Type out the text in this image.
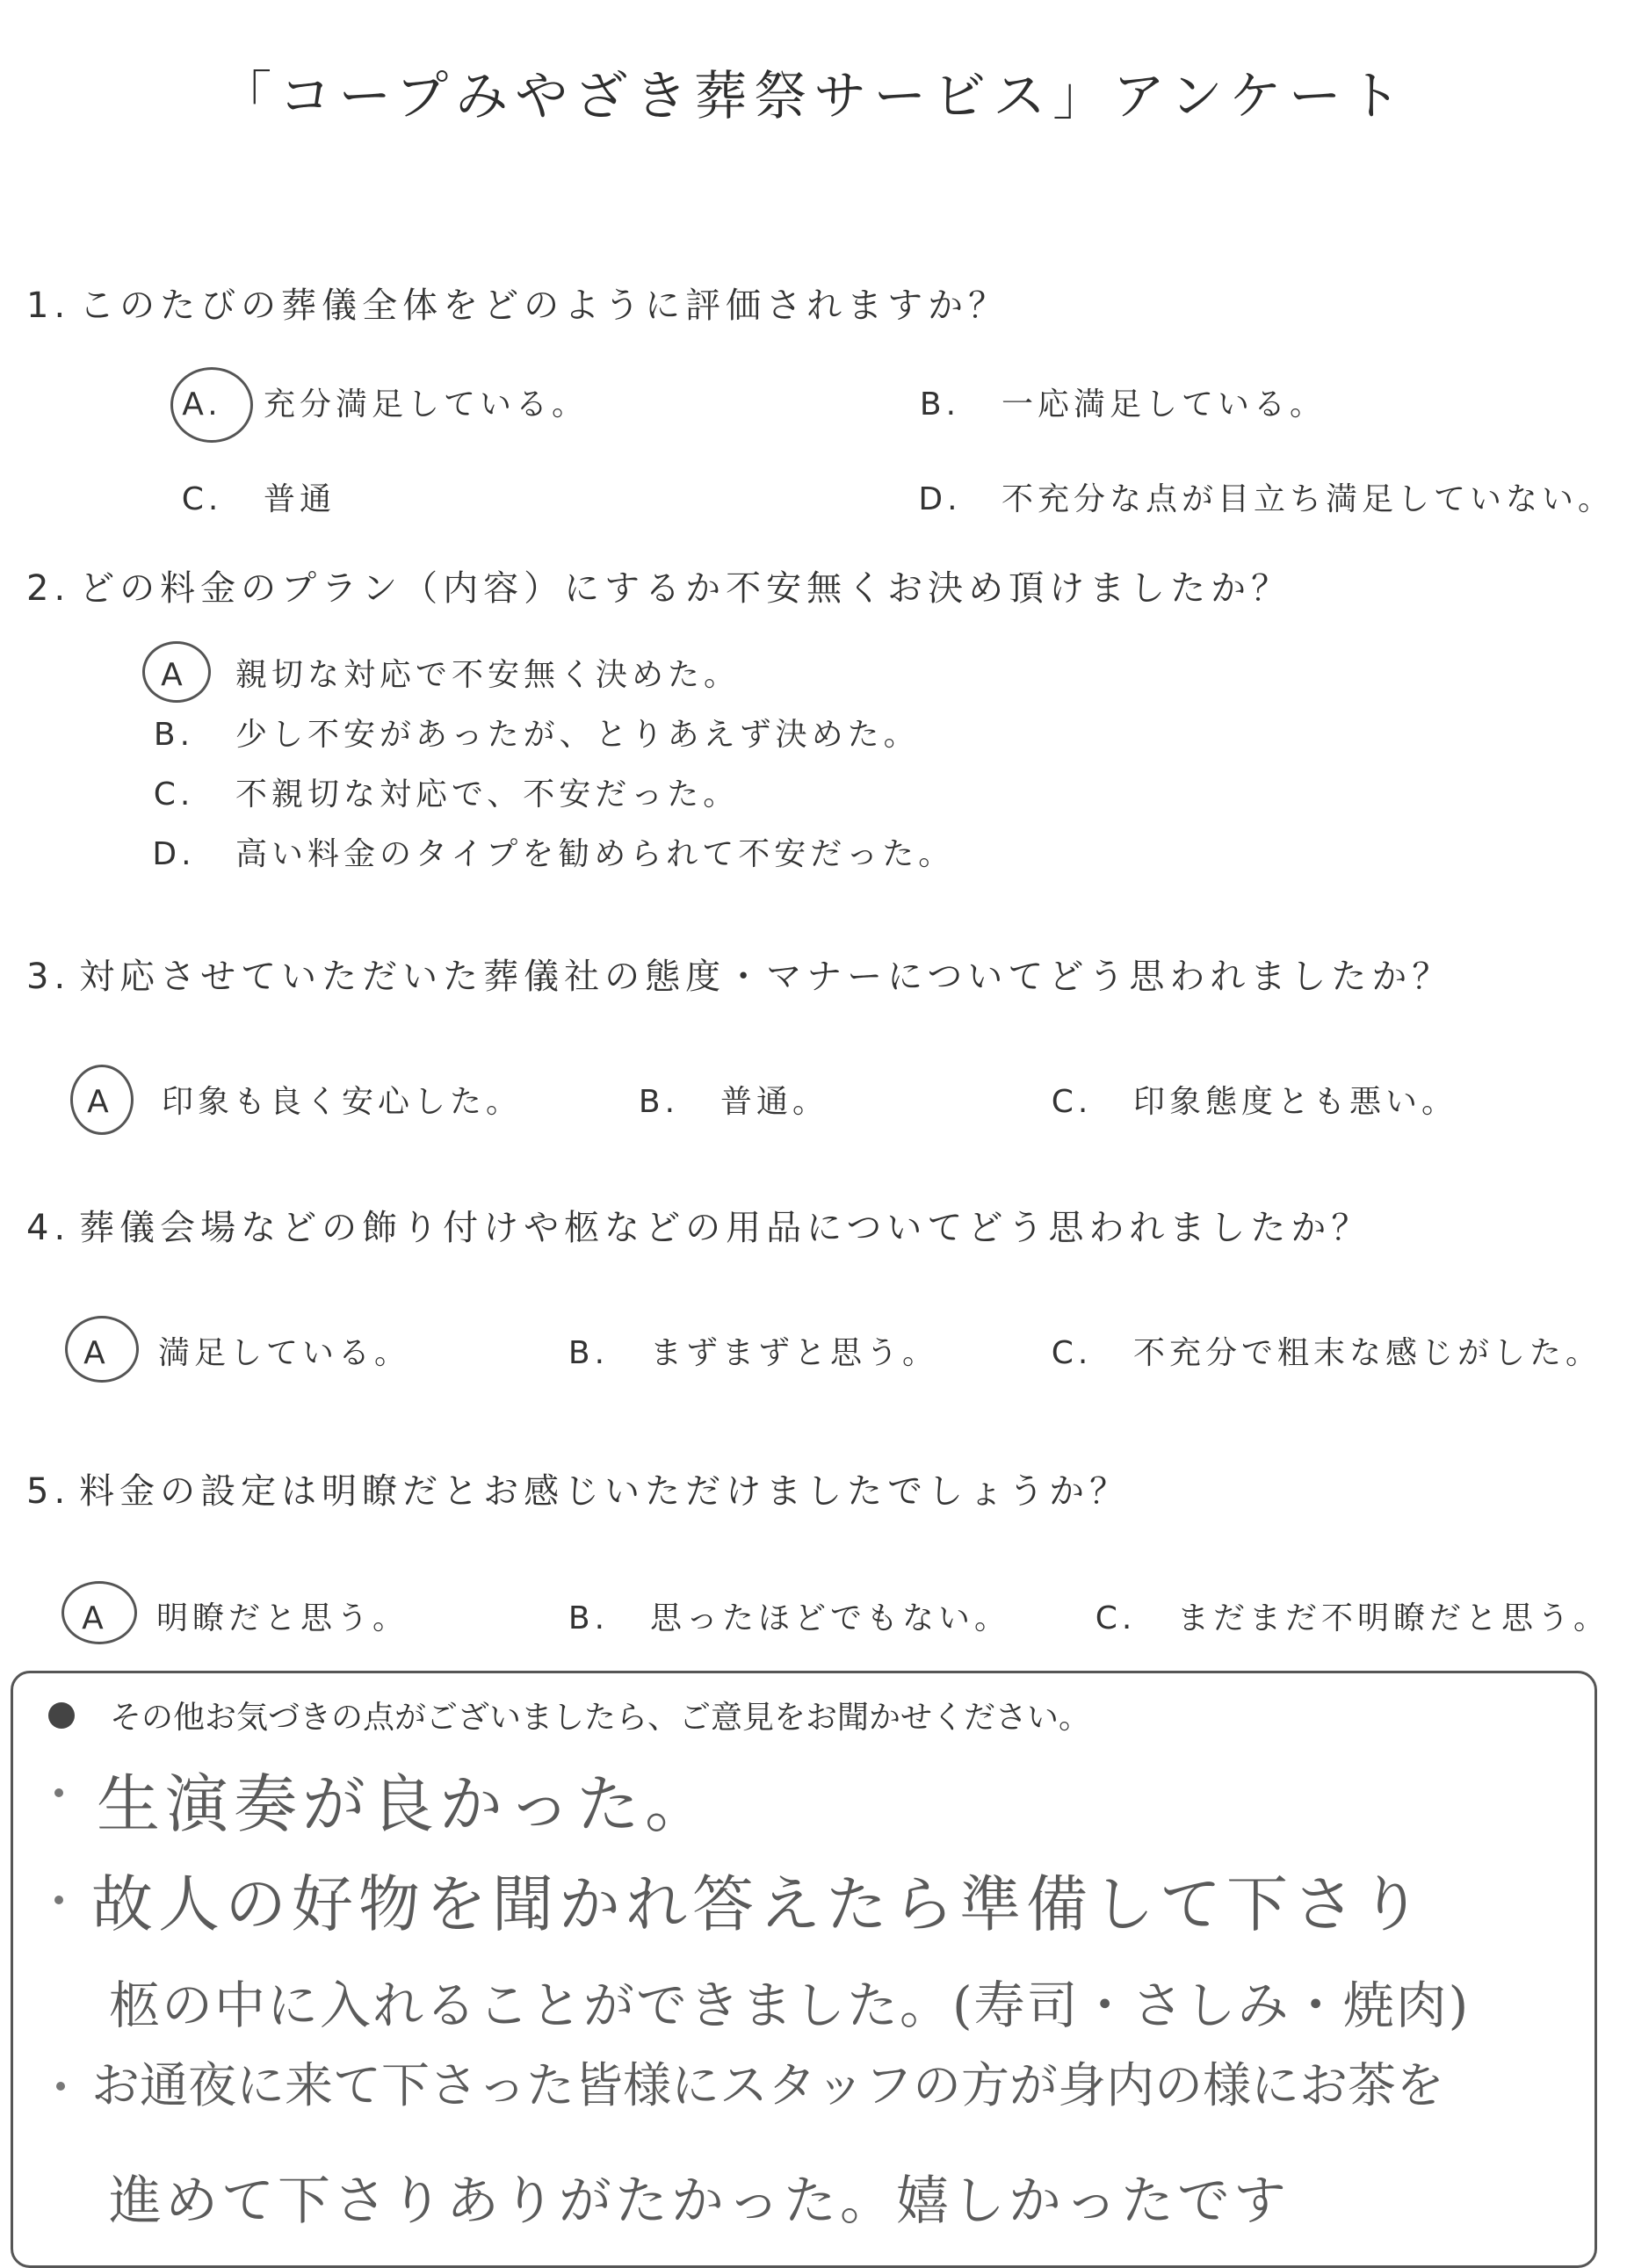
「コープみやざき葬祭サービス」アンケート
1. このたびの葬儀全体をどのように評価されますか？
A. 充分満足している。	B. 一応満足している。
C. 普通	D. 不充分な点が目立ち満足していない。
2. どの料金のプラン（内容）にするか不安無くお決め頂けましたか？
A 親切な対応で不安無く決めた。
B. 少し不安があったが、とりあえず決めた。
C. 不親切な対応で、不安だった。
D. 高い料金のタイプを勧められて不安だった。
3. 対応させていただいた葬儀社の態度・マナーについてどう思われましたか？
A 印象も良く安心した。	B. 普通。	C. 印象態度とも悪い。
4. 葬儀会場などの飾り付けや柩などの用品についてどう思われましたか？
A 満足している。	B. まずまずと思う。	C. 不充分で粗末な感じがした。
5. 料金の設定は明瞭だとお感じいただけましたでしょうか？
A 明瞭だと思う。	B. 思ったほどでもない。	C. まだまだ不明瞭だと思う。
その他お気づきの点がございましたら、ご意見をお聞かせください。
生演奏が良かった。
故人の好物を聞かれ答えたら準備して下さり
柩の中に入れることができました。(寿司・さしみ・焼肉)
お通夜に来て下さった皆様にスタッフの方が身内の様にお茶を
進めて下さりありがたかった。嬉しかったです
